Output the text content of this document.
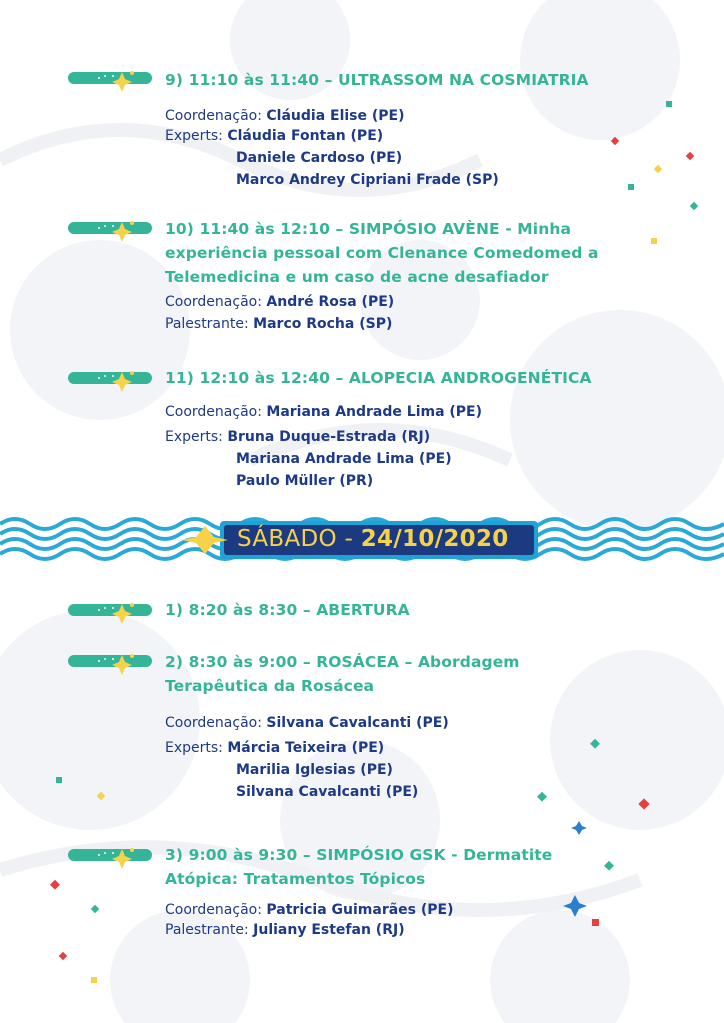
9) 11:10 às 11:40 – ULTRASSOM NA COSMIATRIA
Coordenação: Cláudia Elise (PE)
Experts: Cláudia Fontan (PE)
Daniele Cardoso (PE)
Marco Andrey Cipriani Frade (SP)
10) 11:40 às 12:10 – SIMPÓSIO AVÈNE - Minha experiência pessoal com Clenance Comedomed a Telemedicina e um caso de acne desafiador
Coordenação: André Rosa (PE)
Palestrante: Marco Rocha (SP)
11) 12:10 às 12:40 – ALOPECIA ANDROGENÉTICA
Coordenação: Mariana Andrade Lima (PE)
Experts: Bruna Duque-Estrada (RJ)
Mariana Andrade Lima (PE)
Paulo Müller (PR)
SÁBADO - 24/10/2020
1) 8:20 às 8:30 – ABERTURA
2) 8:30 às 9:00 – ROSÁCEA – Abordagem Terapêutica da Rosácea
Coordenação: Silvana Cavalcanti (PE)
Experts: Márcia Teixeira (PE)
Marilia Iglesias (PE)
Silvana Cavalcanti (PE)
3) 9:00 às 9:30 – SIMPÓSIO GSK - Dermatite Atópica: Tratamentos Tópicos
Coordenação: Patricia Guimarães (PE)
Palestrante: Juliany Estefan (RJ)
